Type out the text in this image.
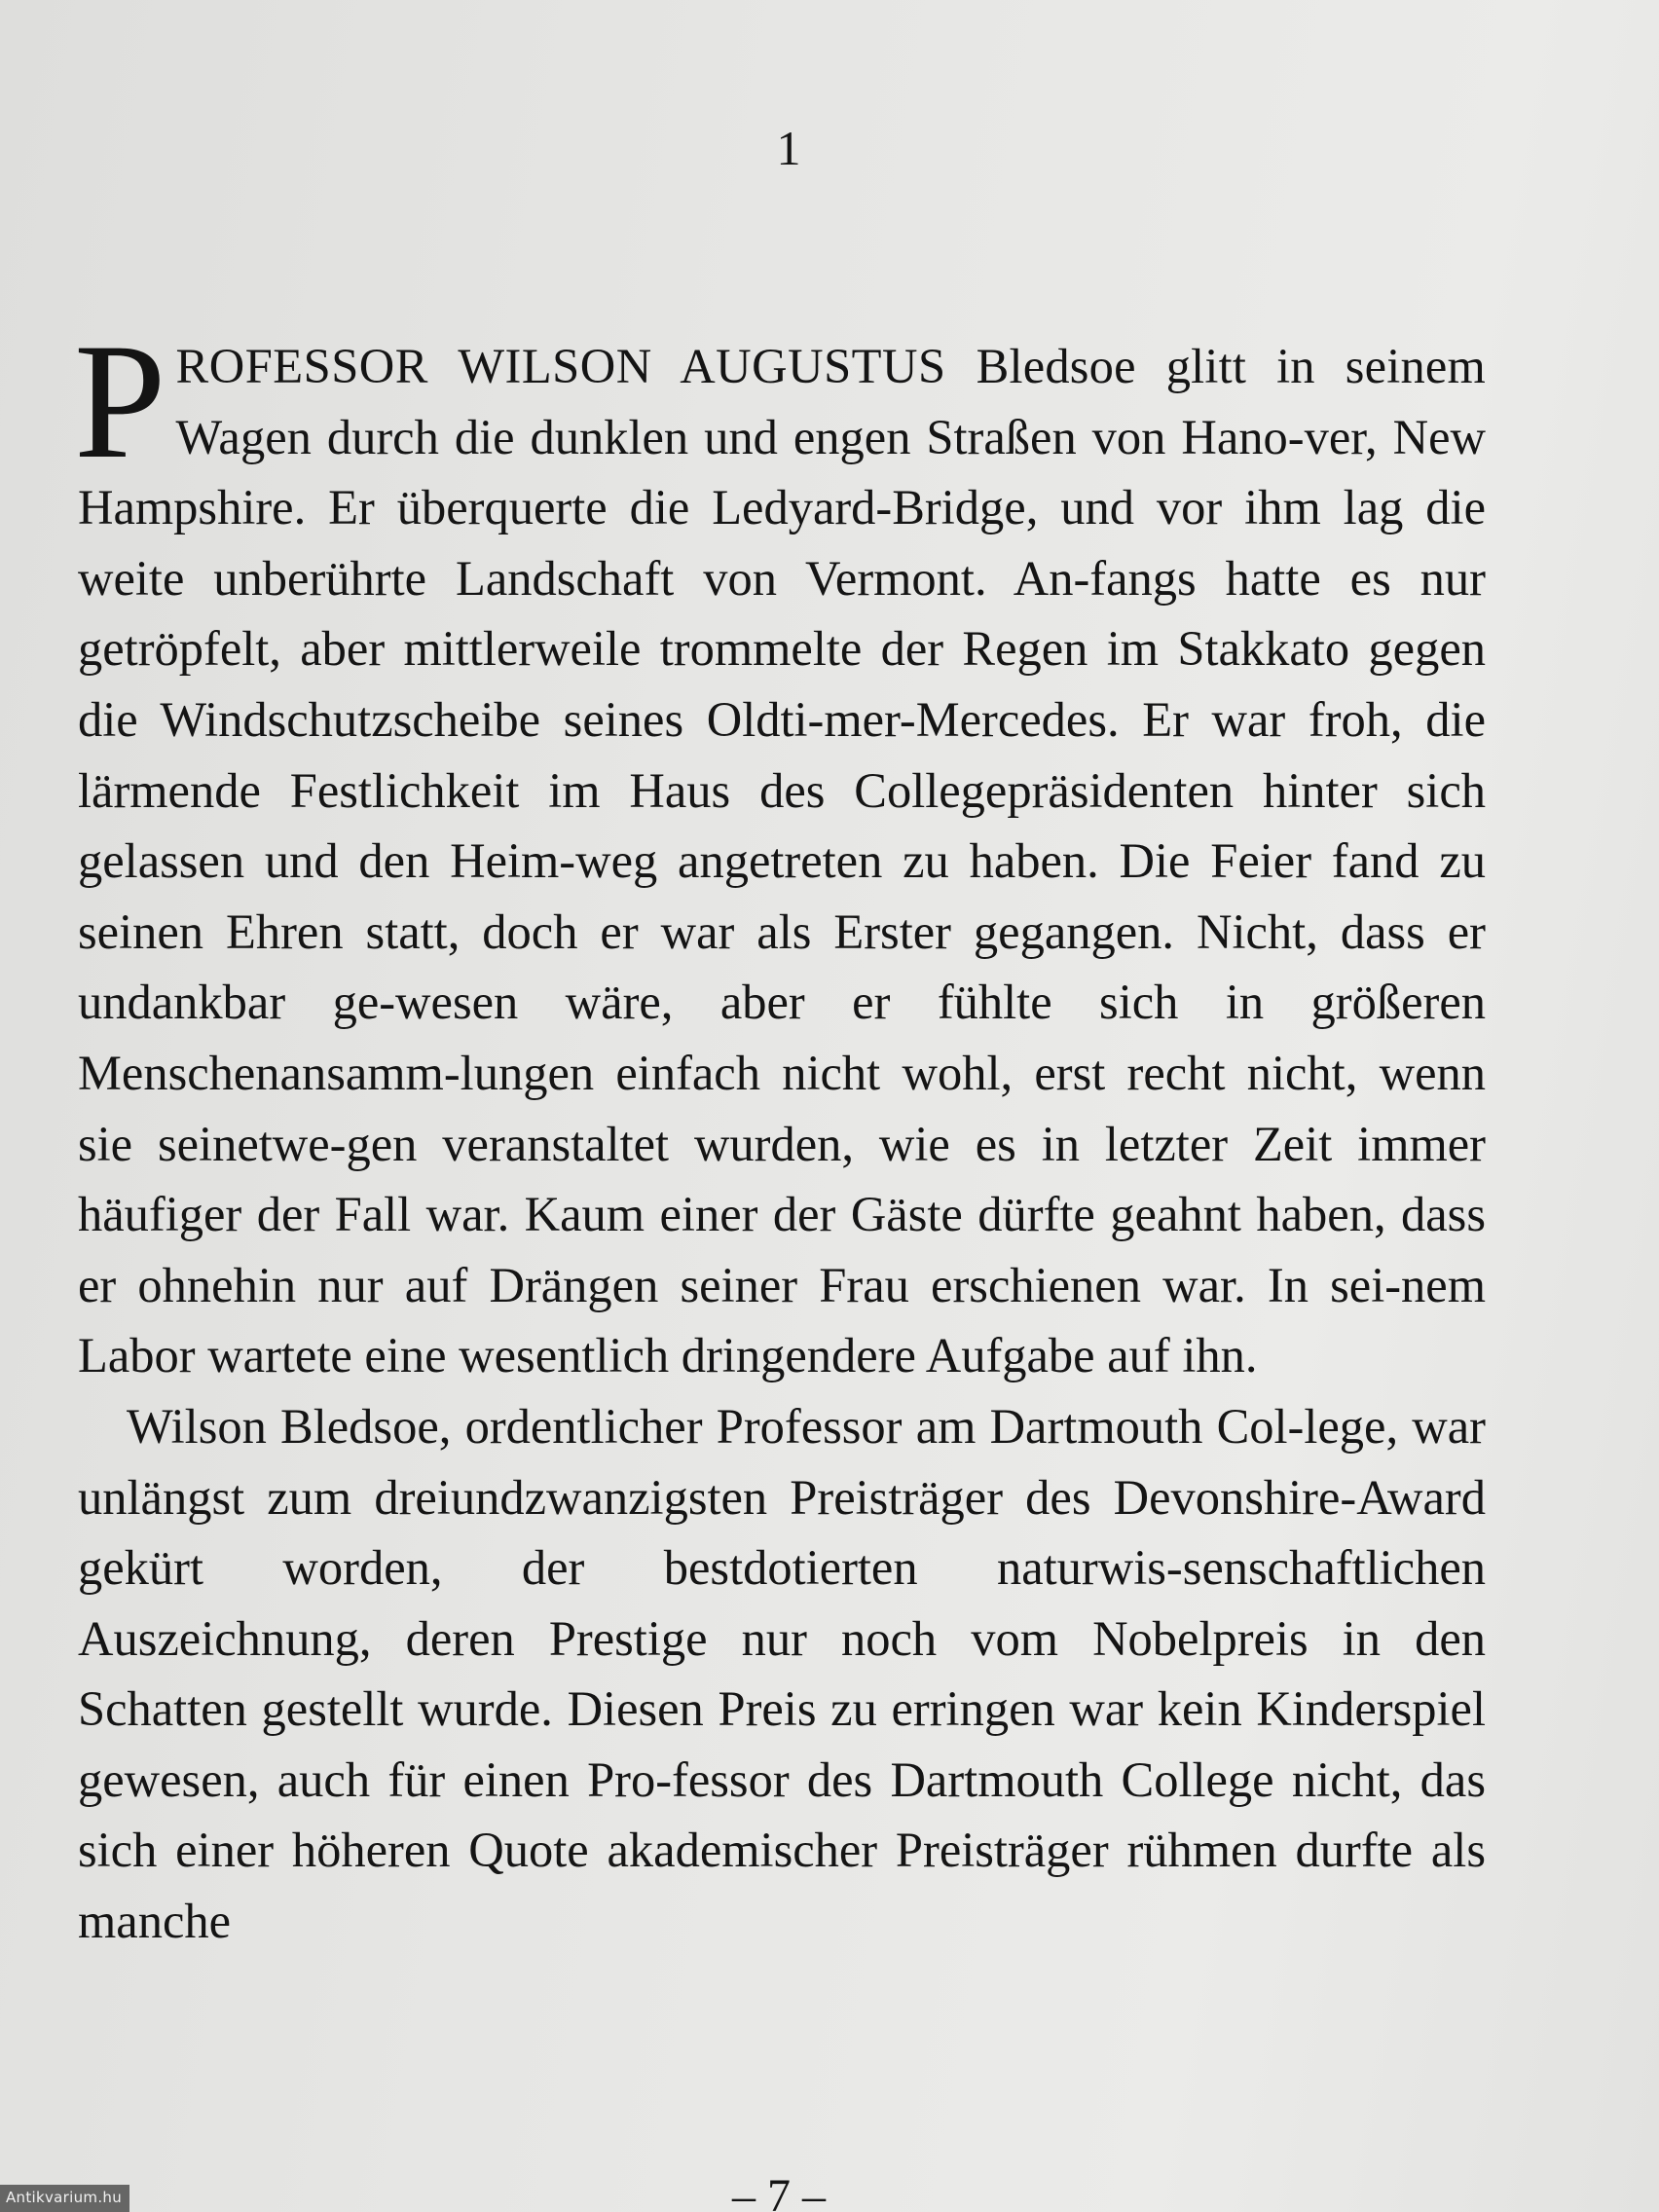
1

PROFESSOR WILSON AUGUSTUS Bledsoe glitt in seinem Wagen durch die dunklen und engen Straßen von Hano-ver, New Hampshire. Er überquerte die Ledyard-Bridge, und vor ihm lag die weite unberührte Landschaft von Vermont. An-fangs hatte es nur getröpfelt, aber mittlerweile trommelte der Regen im Stakkato gegen die Windschutzscheibe seines Oldti-mer-Mercedes. Er war froh, die lärmende Festlichkeit im Haus des Collegepräsidenten hinter sich gelassen und den Heim-weg angetreten zu haben. Die Feier fand zu seinen Ehren statt, doch er war als Erster gegangen. Nicht, dass er undankbar ge-wesen wäre, aber er fühlte sich in größeren Menschenansamm-lungen einfach nicht wohl, erst recht nicht, wenn sie seinetwe-gen veranstaltet wurden, wie es in letzter Zeit immer häufiger der Fall war. Kaum einer der Gäste dürfte geahnt haben, dass er ohnehin nur auf Drängen seiner Frau erschienen war. In sei-nem Labor wartete eine wesentlich dringendere Aufgabe auf ihn.

Wilson Bledsoe, ordentlicher Professor am Dartmouth Col-lege, war unlängst zum dreiundzwanzigsten Preisträger des Devonshire-Award gekürt worden, der bestdotierten naturwis-senschaftlichen Auszeichnung, deren Prestige nur noch vom Nobelpreis in den Schatten gestellt wurde. Diesen Preis zu erringen war kein Kinderspiel gewesen, auch für einen Pro-fessor des Dartmouth College nicht, das sich einer höheren Quote akademischer Preisträger rühmen durfte als manche

– 7 –
Antikvarium.hu
